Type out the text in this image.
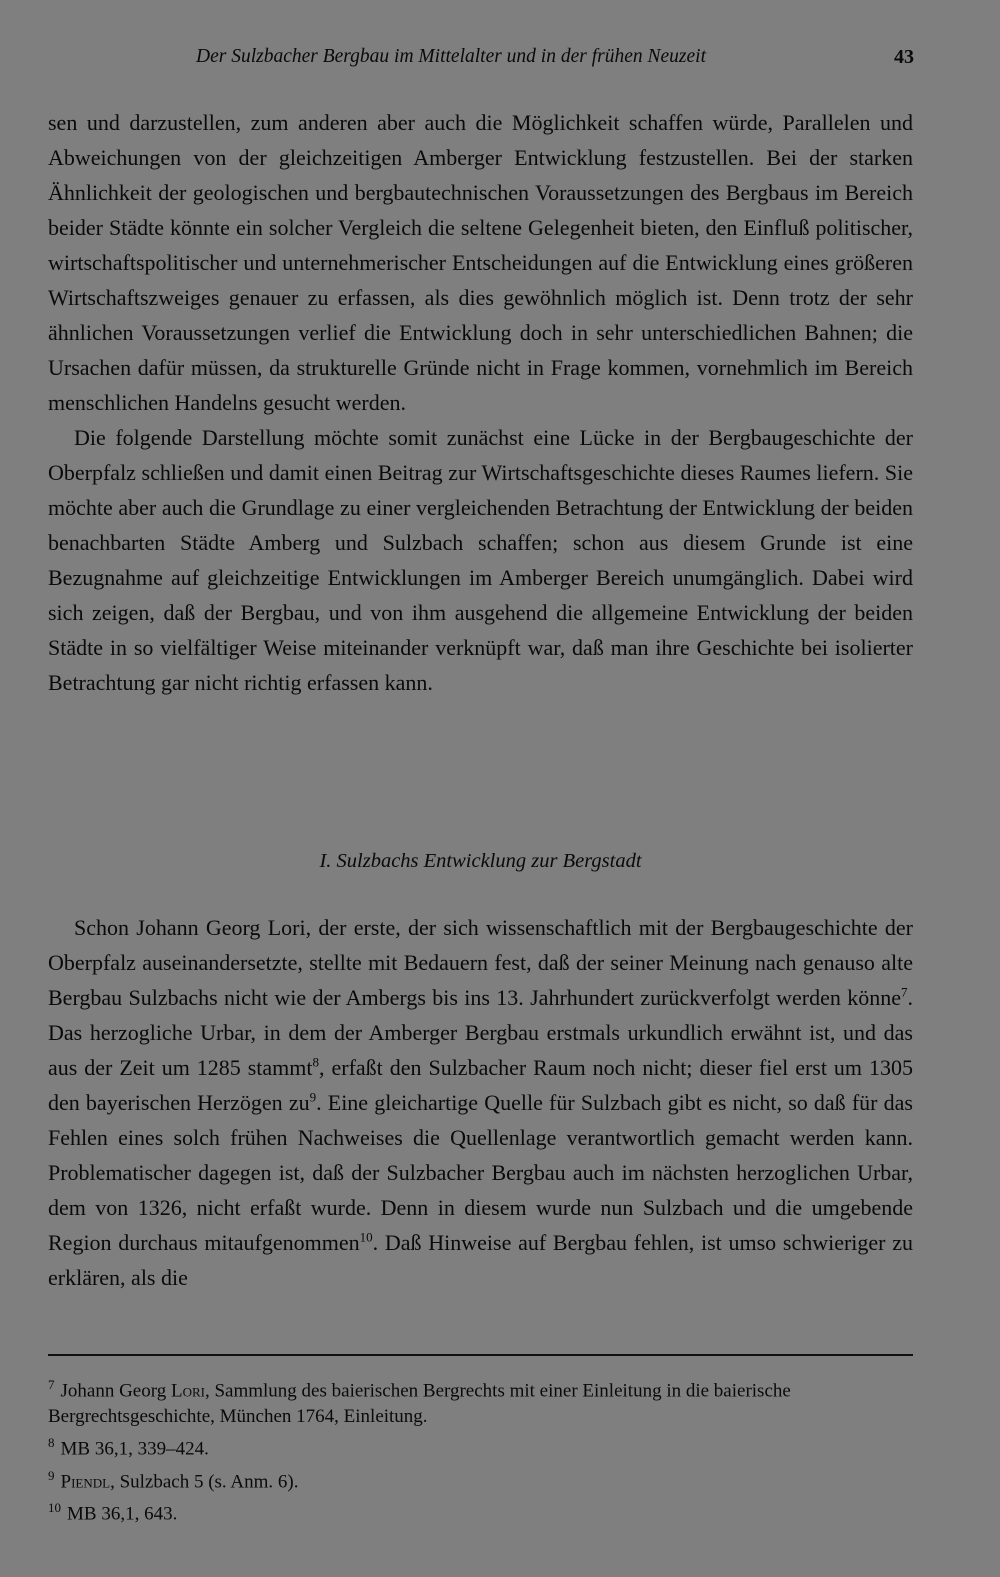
Der Sulzbacher Bergbau im Mittelalter und in der frühen Neuzeit	43

sen und darzustellen, zum anderen aber auch die Möglichkeit schaffen würde, Parallelen und Abweichungen von der gleichzeitigen Amberger Entwicklung festzustellen. Bei der starken Ähnlichkeit der geologischen und bergbautechnischen Voraussetzungen des Bergbaus im Bereich beider Städte könnte ein solcher Vergleich die seltene Gelegenheit bieten, den Einfluß politischer, wirtschaftspolitischer und unternehmerischer Entscheidungen auf die Entwicklung eines größeren Wirtschaftszweiges genauer zu erfassen, als dies gewöhnlich möglich ist. Denn trotz der sehr ähnlichen Voraussetzungen verlief die Entwicklung doch in sehr unterschiedlichen Bahnen; die Ursachen dafür müssen, da strukturelle Gründe nicht in Frage kommen, vornehmlich im Bereich menschlichen Handelns gesucht werden.

Die folgende Darstellung möchte somit zunächst eine Lücke in der Bergbaugeschichte der Oberpfalz schließen und damit einen Beitrag zur Wirtschaftsgeschichte dieses Raumes liefern. Sie möchte aber auch die Grundlage zu einer vergleichenden Betrachtung der Entwicklung der beiden benachbarten Städte Amberg und Sulzbach schaffen; schon aus diesem Grunde ist eine Bezugnahme auf gleichzeitige Entwicklungen im Amberger Bereich unumgänglich. Dabei wird sich zeigen, daß der Bergbau, und von ihm ausgehend die allgemeine Entwicklung der beiden Städte in so vielfältiger Weise miteinander verknüpft war, daß man ihre Geschichte bei isolierter Betrachtung gar nicht richtig erfassen kann.

I. Sulzbachs Entwicklung zur Bergstadt

Schon Johann Georg Lori, der erste, der sich wissenschaftlich mit der Bergbaugeschichte der Oberpfalz auseinandersetzte, stellte mit Bedauern fest, daß der seiner Meinung nach genauso alte Bergbau Sulzbachs nicht wie der Ambergs bis ins 13. Jahrhundert zurückverfolgt werden könne$^7$. Das herzogliche Urbar, in dem der Amberger Bergbau erstmals urkundlich erwähnt ist, und das aus der Zeit um 1285 stammt$^8$, erfaßt den Sulzbacher Raum noch nicht; dieser fiel erst um 1305 den bayerischen Herzögen $zu^9$. Eine gleichartige Quelle für Sulzbach gibt es nicht, so daß für das Fehlen eines solch frühen Nachweises die Quellenlage verantwortlich gemacht werden kann. Problematischer dagegen ist, daß der Sulzbacher Bergbau auch im nächsten herzoglichen Urbar, dem von 1326, nicht erfaßt wurde. Denn in diesem wurde nun Sulzbach und die umgebende Region durchaus mitaufgenommen$^{10}$. Daß Hinweise auf Bergbau fehlen, ist umso schwieriger zu erklären, als die

$^7$ Johann Georg Lori, Sammlung des baierischen Bergrechts mit einer Einleitung in die baierische Bergrechtsgeschichte, München 1764, Einleitung.

$^8$ MB 36,1, 339–424.

$^9$ Piendl, Sulzbach 5 (s. Anm. 6).

$^{10}$ MB 36,1, 643.
